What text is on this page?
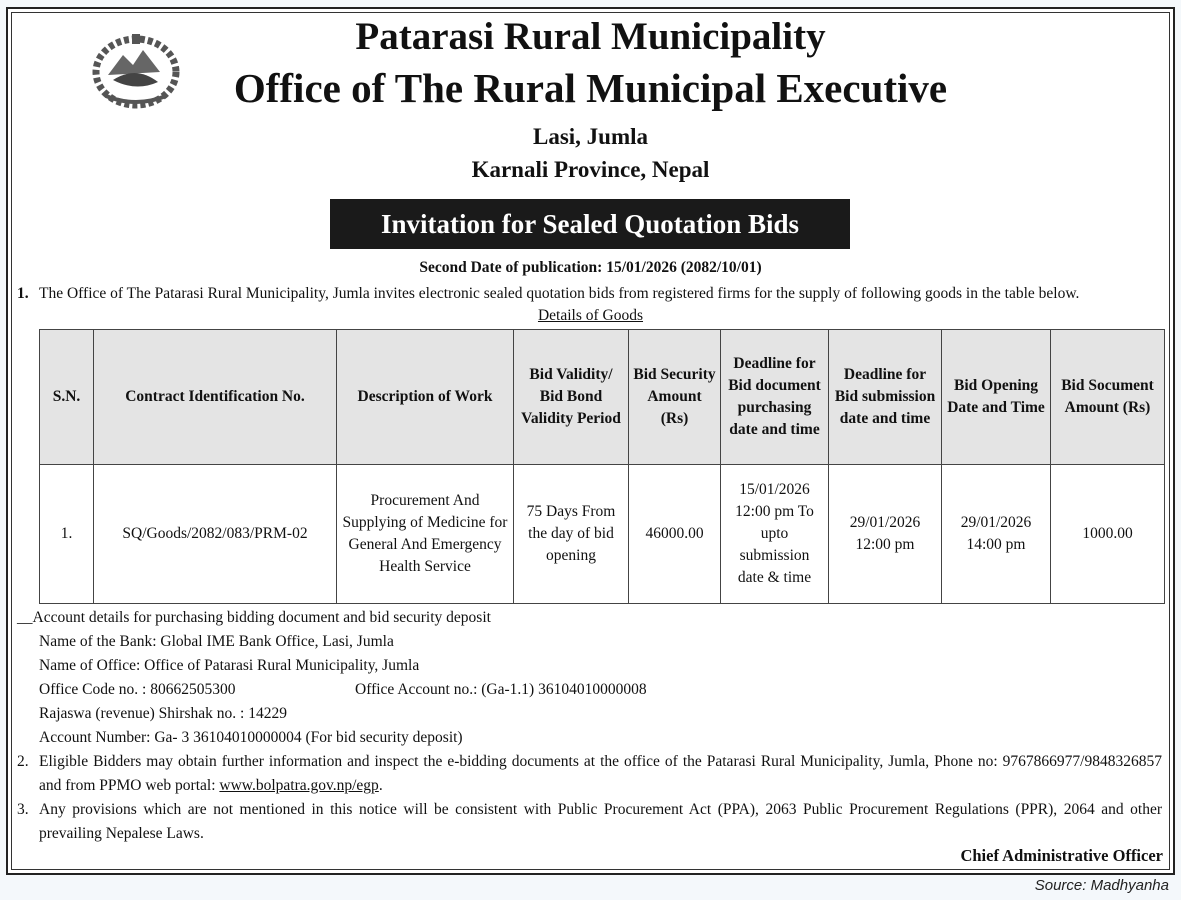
Patarasi Rural Municipality
Office of The Rural Municipal Executive
Lasi, Jumla
Karnali Province, Nepal
Invitation for Sealed Quotation Bids
Second Date of publication: 15/01/2026 (2082/10/01)
1. The Office of The Patarasi Rural Municipality, Jumla invites electronic sealed quotation bids from registered firms for the supply of following goods in the table below.
Details of Goods
S.N.	Contract Identification No.	Description of Work	Bid Validity/ Bid Bond Validity Period	Bid Security Amount (Rs)	Deadline for Bid document purchasing date and time	Deadline for Bid submission date and time	Bid Opening Date and Time	Bid Socument Amount (Rs)
1.	SQ/Goods/2082/083/PRM-02	Procurement And Supplying of Medicine for General And Emergency Health Service	75 Days From the day of bid opening	46000.00	15/01/2026 12:00 pm To upto submission date & time	29/01/2026 12:00 pm	29/01/2026 14:00 pm	1000.00
__Account details for purchasing bidding document and bid security deposit
Name of the Bank: Global IME Bank Office, Lasi, Jumla
Name of Office: Office of Patarasi Rural Municipality, Jumla
Office Code no. : 80662505300	Office Account no.: (Ga-1.1) 36104010000008
Rajaswa (revenue) Shirshak no. : 14229
Account Number: Ga- 3 36104010000004 (For bid security deposit)
2. Eligible Bidders may obtain further information and inspect the e-bidding documents at the office of the Patarasi Rural Municipality, Jumla, Phone no: 9767866977/9848326857 and from PPMO web portal: www.bolpatra.gov.np/egp.
3. Any provisions which are not mentioned in this notice will be consistent with Public Procurement Act (PPA), 2063 Public Procurement Regulations (PPR), 2064 and other prevailing Nepalese Laws.
Chief Administrative Officer
Source: Madhyanha
